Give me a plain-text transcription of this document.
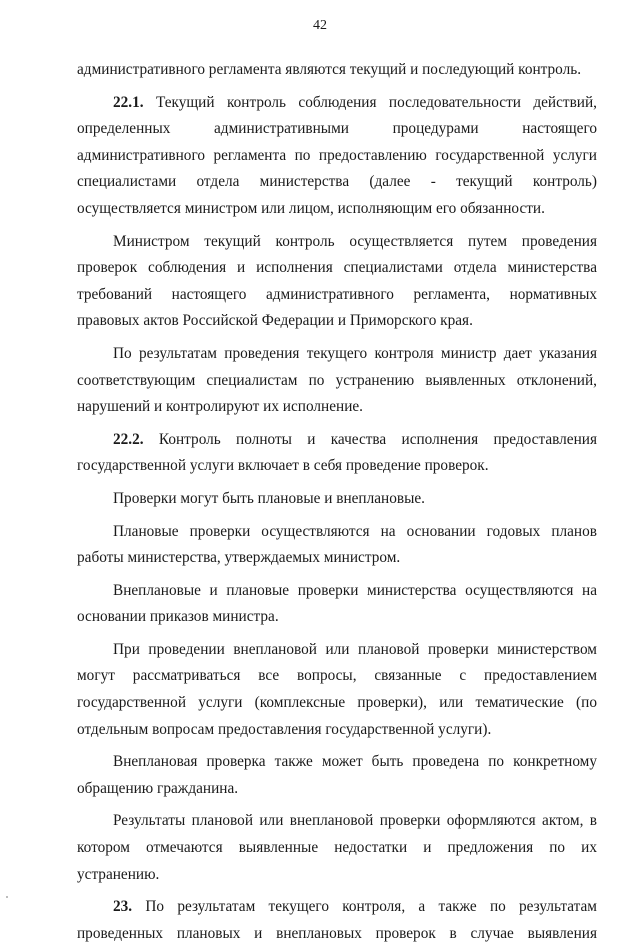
42

административного регламента являются текущий и последующий контроль.

22.1. Текущий контроль соблюдения последовательности действий, определенных административными процедурами настоящего административного регламента по предоставлению государственной услуги специалистами отдела министерства (далее - текущий контроль) осуществляется министром или лицом, исполняющим его обязанности.

Министром текущий контроль осуществляется путем проведения проверок соблюдения и исполнения специалистами отдела министерства требований настоящего административного регламента, нормативных правовых актов Российской Федерации и Приморского края.

По результатам проведения текущего контроля министр дает указания соответствующим специалистам по устранению выявленных отклонений, нарушений и контролируют их исполнение.

22.2. Контроль полноты и качества исполнения предоставления государственной услуги включает в себя проведение проверок.

Проверки могут быть плановые и внеплановые.

Плановые проверки осуществляются на основании годовых планов работы министерства, утверждаемых министром.

Внеплановые и плановые проверки министерства осуществляются на основании приказов министра.

При проведении внеплановой или плановой проверки министерством могут рассматриваться все вопросы, связанные с предоставлением государственной услуги (комплексные проверки), или тематические (по отдельным вопросам предоставления государственной услуги).

Внеплановая проверка также может быть проведена по конкретному обращению гражданина.

Результаты плановой или внеплановой проверки оформляются актом, в котором отмечаются выявленные недостатки и предложения по их устранению.

23. По результатам текущего контроля, а также по результатам проведенных плановых и внеплановых проверок в случае выявления
